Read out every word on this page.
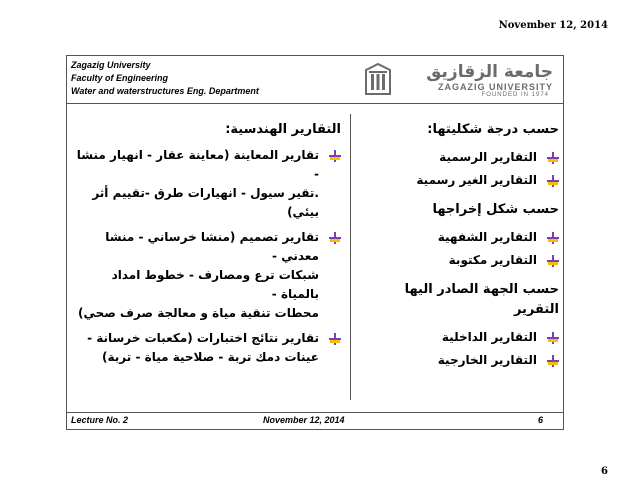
November 12, 2014
Zagazig University
Faculty of Engineering
Water and waterstructures Eng. Department
جامعة الزقازيق
ZAGAZIG UNIVERSITY
FOUNDED IN 1974
التقارير الهندسية:
تقارير المعاينة (معاينة عقار - انهيار منشا -
.تقير سيول - انهيارات طرق -تقييم أثر بيئي)
تقارير تصميم (منشا خرساني - منشا معدني -
شبكات ترع ومصارف - خطوط امداد بالمياة -
محطات تنقية مياة و معالجة صرف صحي)
تقارير نتائج اختبارات (مكعبات خرسانة -
عينات دمك تربة - صلاحية مياة - تربة)
حسب درجة شكليتها:
التقارير الرسمية
التقارير الغير رسمية
حسب شكل إخراجها
التقارير الشفهية
التقارير مكتوبة
حسب الجهة الصادر اليها التقرير
التقارير الداخلية
التقارير الخارجية
Lecture No. 2	November 12, 2014	6
6
